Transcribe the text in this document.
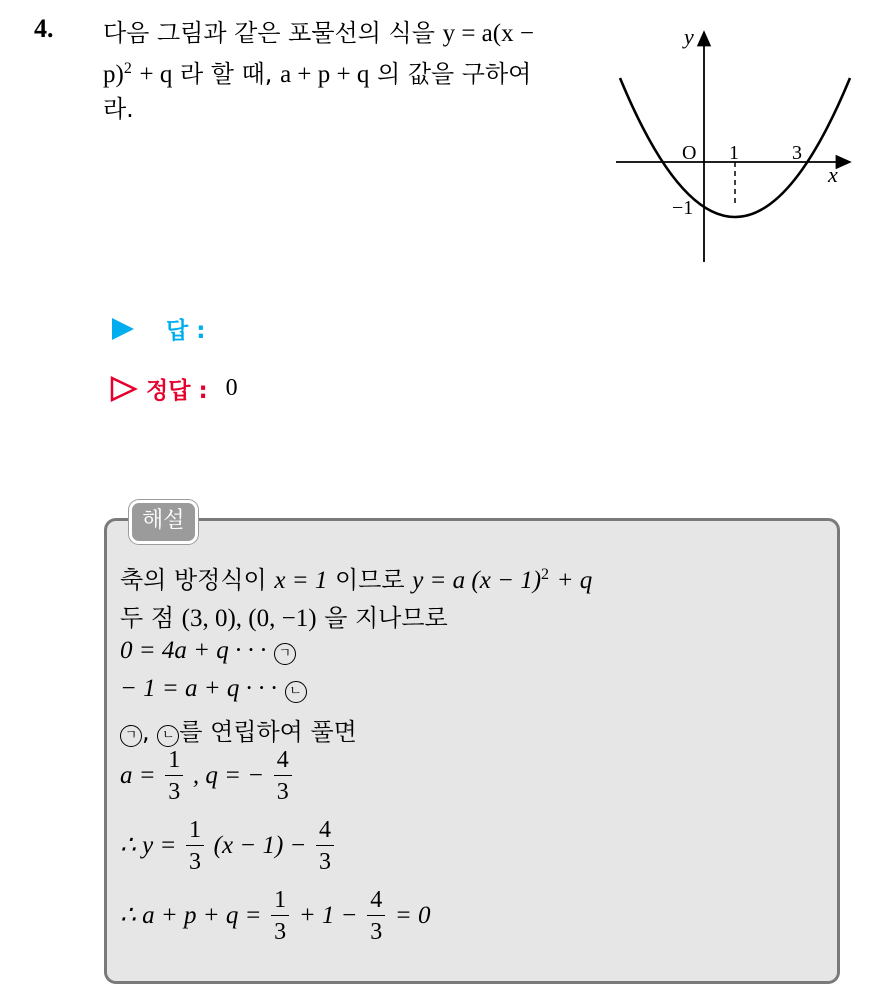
4. 다음 그림과 같은 포물선의 식을 y = a(x −
p)$^2$ + q 라 할 때, a + p + q 의 값을 구하여
라.
y
x
O 1	3
−1
답 :
정답 : 0
해설
축의 방정식이 x = 1 이므로 y = a $(x - 1)^2 + q$
두 점 (3, 0), (0, −1) 을 지나므로
0 = 4a + q · · · ㄱ
− 1 = a + q · · · ㄴ
ㄱ , ㄴ 를 연립하여 풀면
$a = \frac{1}{3}$ , q = − $\frac{4}{3}$
∴ $y = \frac{1}{3} (x - 1) - \frac{4}{3}$
∴ $a + p + q = \frac{1}{3} + 1 - \frac{4}{3} = 0$
